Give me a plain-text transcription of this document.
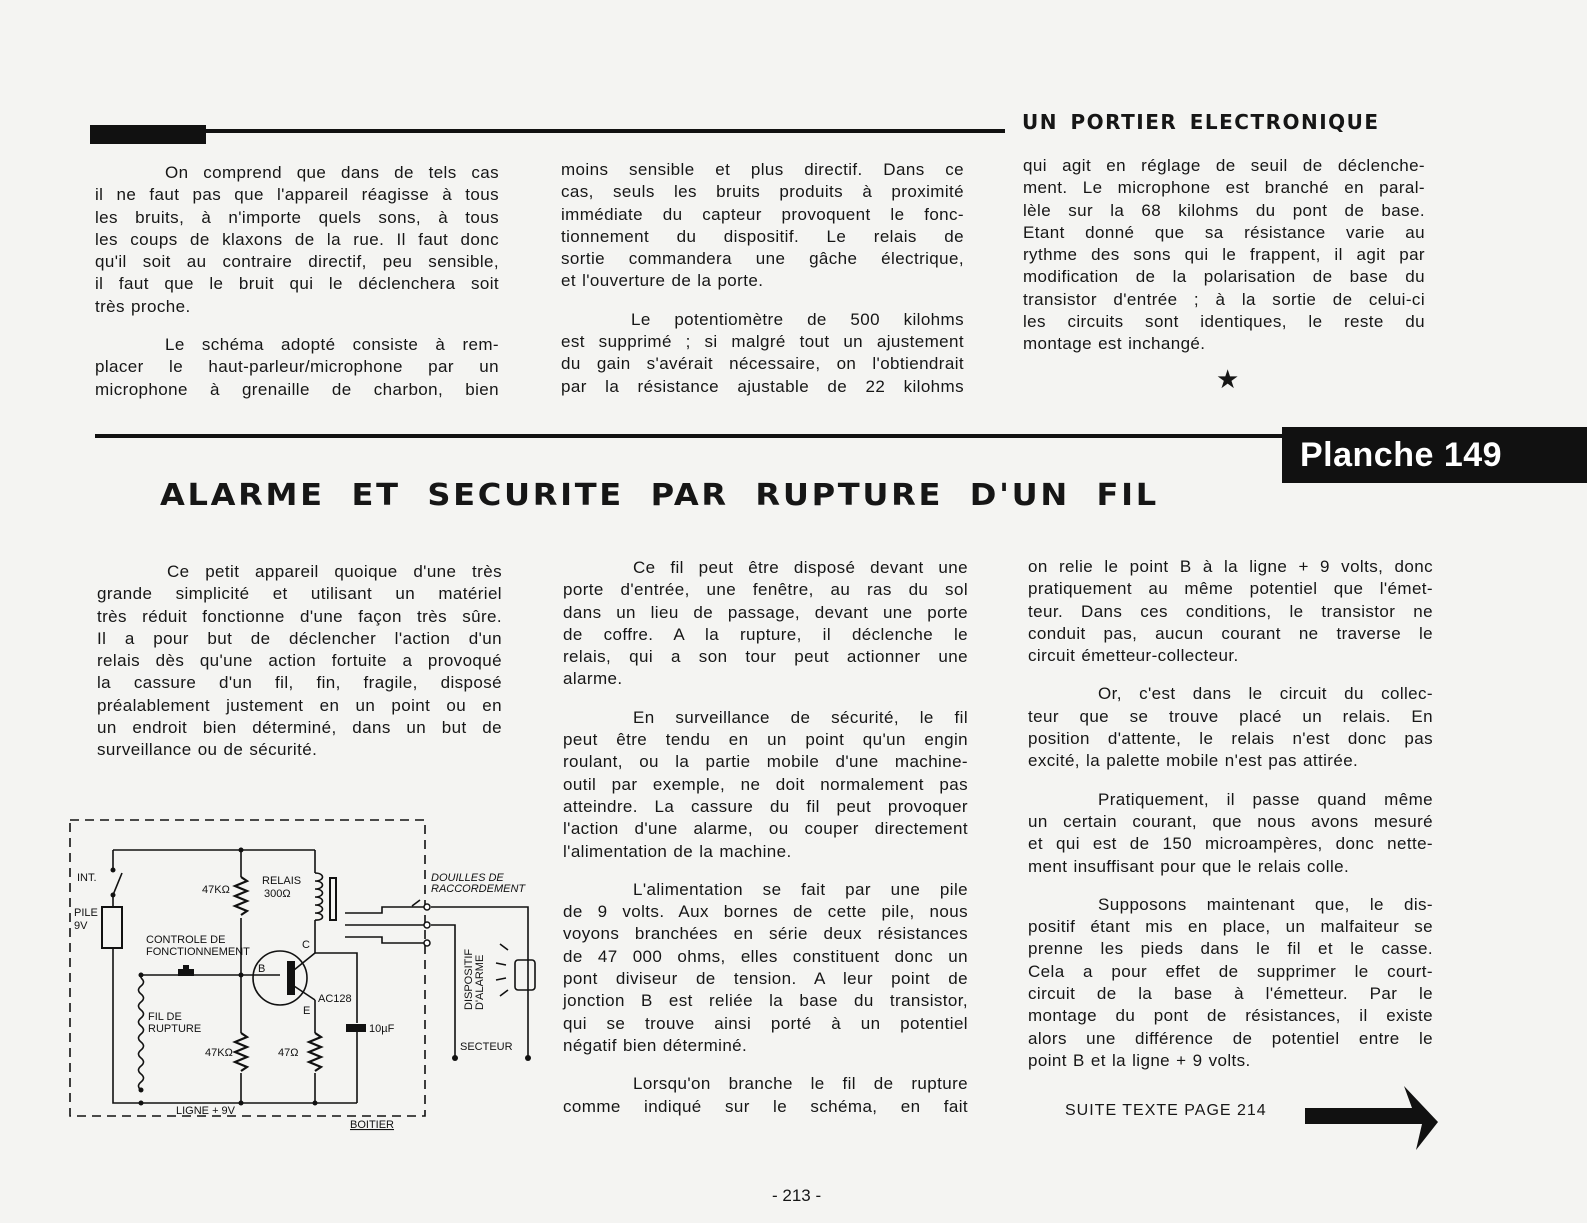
UN PORTIER ELECTRONIQUE
On comprend que dans de tels cas
il ne faut pas que l'appareil réagisse à tous
les bruits, à n'importe quels sons, à tous
les coups de klaxons de la rue. Il faut donc
qu'il soit au contraire directif, peu sensible,
il faut que le bruit qui le déclenchera soit
très proche.
Le schéma adopté consiste à rem-
placer le haut-parleur/microphone par un
microphone à grenaille de charbon, bien
moins sensible et plus directif. Dans ce
cas, seuls les bruits produits à proximité
immédiate du capteur provoquent le fonc-
tionnement du dispositif. Le relais de
sortie commandera une gâche électrique,
et l'ouverture de la porte.
Le potentiomètre de 500 kilohms
est supprimé ; si malgré tout un ajustement
du gain s'avérait nécessaire, on l'obtiendrait
par la résistance ajustable de 22 kilohms
qui agit en réglage de seuil de déclenche-
ment. Le microphone est branché en paral-
lèle sur la 68 kilohms du pont de base.
Etant donné que sa résistance varie au
rythme des sons qui le frappent, il agit par
modification de la polarisation de base du
transistor d'entrée ; à la sortie de celui-ci
les circuits sont identiques, le reste du
montage est inchangé.
★
Planche 149
ALARME ET SECURITE PAR RUPTURE D'UN FIL
Ce petit appareil quoique d'une très
grande simplicité et utilisant un matériel
très réduit fonctionne d'une façon très sûre.
Il a pour but de déclencher l'action d'un
relais dès qu'une action fortuite a provoqué
la cassure d'un fil, fin, fragile, disposé
préalablement justement en un point ou en
un endroit bien déterminé, dans un but de
surveillance ou de sécurité.
Ce fil peut être disposé devant une
porte d'entrée, une fenêtre, au ras du sol
dans un lieu de passage, devant une porte
de coffre. A la rupture, il déclenche le
relais, qui a son tour peut actionner une
alarme.
En surveillance de sécurité, le fil
peut être tendu en un point qu'un engin
roulant, ou la partie mobile d'une machine-
outil par exemple, ne doit normalement pas
atteindre. La cassure du fil peut provoquer
l'action d'une alarme, ou couper directement
l'alimentation de la machine.
L'alimentation se fait par une pile
de 9 volts. Aux bornes de cette pile, nous
voyons branchées en série deux résistances
de 47 000 ohms, elles constituent donc un
pont diviseur de tension. A leur point de
jonction B est reliée la base du transistor,
qui se trouve ainsi porté à un potentiel
négatif bien déterminé.
Lorsqu'on branche le fil de rupture
comme indiqué sur le schéma, en fait
on relie le point B à la ligne + 9 volts, donc
pratiquement au même potentiel que l'émet-
teur. Dans ces conditions, le transistor ne
conduit pas, aucun courant ne traverse le
circuit émetteur-collecteur.
Or, c'est dans le circuit du collec-
teur que se trouve placé un relais. En
position d'attente, le relais n'est donc pas
excité, la palette mobile n'est pas attirée.
Pratiquement, il passe quand même
un certain courant, que nous avons mesuré
et qui est de 150 microampères, donc nette-
ment insuffisant pour que le relais colle.
Supposons maintenant que, le dis-
positif étant mis en place, un malfaiteur se
prenne les pieds dans le fil et le casse.
Cela a pour effet de supprimer le court-
circuit de la base à l'émetteur. Par le
montage du pont de résistances, il existe
alors une différence de potentiel entre le
point B et la ligne + 9 volts.
INT.
PILE
9V
47KΩ
RELAIS
300Ω
CONTROLE DE
FONCTIONNEMENT
B
C
E
AC128
FIL DE
RUPTURE
47KΩ	47Ω
10µF
LIGNE + 9V
BOITIER
DOUILLES DE
RACCORDEMENT
DISPOSITIF D'ALARME
SECTEUR
SUITE TEXTE PAGE 214
- 213 -
